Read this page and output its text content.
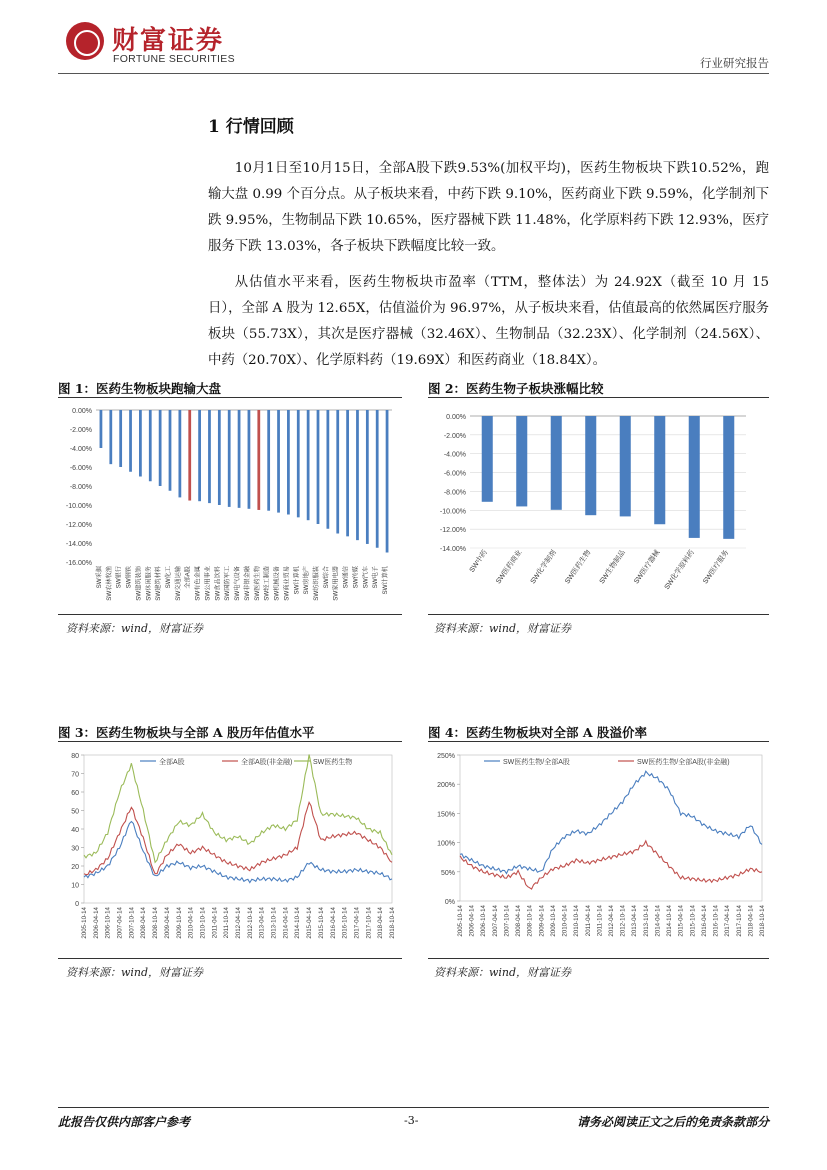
财富证券
FORTUNE SECURITIES	行业研究报告
1 行情回顾
10月1日至10月15日，全部A股下跌9.53%(加权平均)，医药生物板块下跌10.52%，跑输大盘 0.99 个百分点。从子板块来看，中药下跌 9.10%，医药商业下跌 9.59%，化学制剂下跌 9.95%，生物制品下跌 10.65%，医疗器械下跌 11.48%，化学原料药下跌 12.93%，医疗服务下跌 13.03%，各子板块下跌幅度比较一致。
从估值水平来看，医药生物板块市盈率（TTM，整体法）为 24.92X（截至 10 月 15 日），全部 A 股为 12.65X，估值溢价为 96.97%，从子板块来看，估值最高的依然属医疗服务板块（55.73X），其次是医疗器械（32.46X）、生物制品（32.23X）、化学制剂（24.56X）、中药（20.70X）、化学原料药（19.69X）和医药商业（18.84X）。
图 1：医药生物板块跑输大盘
0.00%
-2.00%
-4.00%
-6.00%
-8.00%
-10.00%
-12.00%
-14.00%
-16.00%
SW采掘 SW农林牧渔 SW银行 SW钢铁 SW建筑装饰 SW休闲服务 SW建筑材料 SW化工 SW交通运输 全部A股 SW有色金属 SW公用事业 SW食品饮料 SW国防军工 SW电气设备 SW非银金融 SW医药生物 SW轻工制造 SW机械设备 SW商业贸易 SW计算机 SW房地产 SW纺织服装 SW综合 SW家用电器 SW通信 SW传媒 SW汽车 SW电子 SW计算机
资料来源：wind，财富证券
图 2：医药生物子板块涨幅比较
0.00%
-2.00%
-4.00%
-6.00%
-8.00%
-10.00%
-12.00%
-14.00% SW中药 SW医药商业 SW化学制剂 SW医药生物 SW生物制品 SW医疗器械 SW化学原料药 SW医疗服务
资料来源：wind，财富证券
图 3：医药生物板块与全部 A 股历年估值水平
80
70
60
50
40
30
20
10
0
2005-10-14 2006-04-14 2006-10-14 2007-04-14 2007-10-14 2008-04-14 2008-10-14 2009-04-14 2009-10-14 2010-04-14 2010-10-14 2011-04-14 2011-10-14 2012-04-14 2012-10-14 2013-04-14 2013-10-14 2014-04-14 2014-10-14 2015-04-14 2015-10-14 2016-04-14 2016-10-14 2017-04-14 2017-10-14 2018-04-14 2018-10-14
全部A股	全部A股(非金融)	SW医药生物
资料来源：wind，财富证券
图 4：医药生物板块对全部 A 股溢价率
250%
200%
150%
100%
50%
0%
2005-10-14 2006-04-14 2006-10-14 2007-04-14 2007-10-14 2008-04-14 2008-10-14 2009-04-14 2009-10-14 2010-04-14 2010-10-14 2011-04-14 2011-10-14 2012-04-14 2012-10-14 2013-04-14 2013-10-14 2014-04-14 2014-10-14 2015-04-14 2015-10-14 2016-04-14 2016-10-14 2017-04-14 2017-10-14 2018-04-14 2018-10-14
SW医药生物/全部A股	SW医药生物/全部A股(非金融)
资料来源：wind，财富证券
此报告仅供内部客户参考	-3-	请务必阅读正文之后的免责条款部分
